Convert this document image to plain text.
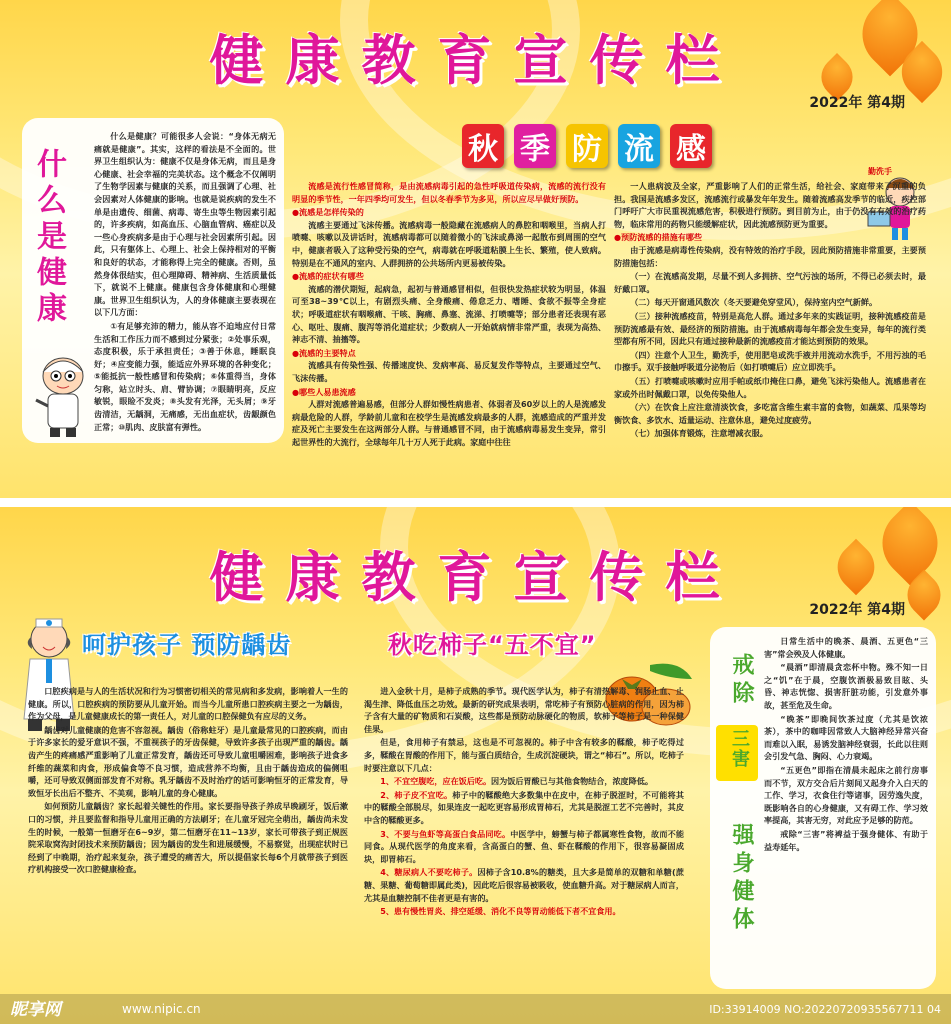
健康教育宣传栏
2022年 第4期
什么是健康

什么是健康？可能很多人会说：“身体无病无痛就是健康”。其实，这样的看法是不全面的。世界卫生组织认为：健康不仅是身体无病，而且是身心健康、社会幸福的完美状态。这个概念不仅阐明了生物学因素与健康的关系，而且强调了心理、社会因素对人体健康的影响。也就是说疾病的发生不单是由遗传、细菌、病毒、寄生虫等生物因素引起的，许多疾病，如高血压、心脑血管病、癌症以及一些心身疾病多是由于心理与社会因素所引起。因此，只有躯体上、心理上、社会上保持相对的平衡和良好的状态，才能称得上完全的健康。否则，虽然身体很结实，但心理障碍、精神病、生活质量低下，就说不上健康。健康包含身体健康和心理健康。世界卫生组织认为，人的身体健康主要表现在以下几方面：

①有足够充沛的精力，能从容不迫地应付日常生活和工作压力而不感到过分紧张；②处事乐观，态度积极，乐于承担责任；③善于休息，睡眠良好；④应变能力强，能适应外界环境的各种变化；⑤能抵抗一般性感冒和传染病；⑥体重得当，身体匀称，站立时头、肩、臂协调；⑦眼睛明亮，反应敏锐，眼睑不发炎；⑧头发有光泽，无头屑；⑨牙齿清洁，无龋洞，无痛感，无出血症状，齿龈颜色正常；⑩肌肉、皮肤富有弹性。

秋 季 防 流 感

流感是流行性感冒简称，是由流感病毒引起的急性呼吸道传染病，流感的流行没有明显的季节性，一年四季均可发生，但以冬春季节为多见，所以应尽早做好预防。

●流感是怎样传染的

流感主要通过飞沫传播。流感病毒一般隐藏在流感病人的鼻腔和咽喉里，当病人打喷嚏、咳嗽以及讲话时，流感病毒都可以随着微小的飞沫或鼻涕一起散布到周围的空气中，健康者吸入了这种受污染的空气，病毒就在呼吸道粘膜上生长、繁殖，使人致病。特别是在不通风的室内、人群拥挤的公共场所内更易被传染。

●流感的症状有哪些

流感的潜伏期短，起病急，起初与普通感冒相似，但很快发热症状较为明显，体温可至38~39℃以上，有剧烈头痛、全身酸痛、倦怠乏力、嗜睡、食欲不振等全身症状；呼吸道症状有咽喉痛、干咳、胸痛、鼻塞、流涕、打喷嚏等；部分患者还表现有恶心、呕吐、腹痛、腹泻等消化道症状；少数病人一开始就病情非常严重，表现为高热、神志不清、抽搐等。

●流感的主要特点

流感具有传染性强、传播速度快、发病率高、易反复发作等特点，主要通过空气、飞沫传播。

●哪些人易患流感

人群对流感普遍易感，但部分人群如慢性病患者、体弱者及60岁以上的人是流感发病最危险的人群，学龄前儿童和在校学生是流感发病最多的人群，流感造成的严重并发症及死亡主要发生在这两部分人群。与普通感冒不同，由于流感病毒易发生变异，常引起世界性的大流行，全球每年几十万人死于此病。家庭中往往

勤洗手

一人患病波及全家，严重影响了人们的正常生活，给社会、家庭带来了沉重的负担。我国是流感多发区，流感流行或暴发年年发生。随着流感高发季节的临近，疾控部门呼吁广大市民重视流感危害，积极进行预防。到目前为止，由于仍没有有效的治疗药物，临床常用的药物只能缓解症状，因此流感预防更为重要。

●预防流感的措施有哪些

由于流感是病毒性传染病，没有特效的治疗手段，因此预防措施非常重要，主要预防措施包括：

（一）在流感高发期，尽量不到人多拥挤、空气污浊的场所，不得已必须去时，最好戴口罩。

（二）每天开窗通风数次（冬天要避免穿堂风），保持室内空气新鲜。

（三）接种流感疫苗，特别是高危人群。通过多年来的实践证明，接种流感疫苗是预防流感最有效、最经济的预防措施。由于流感病毒每年都会发生变异，每年的流行类型都有所不同，因此只有通过接种最新的流感疫苗才能达到预防的效果。

（四）注意个人卫生，勤洗手，使用肥皂或洗手液并用流动水洗手，不用污浊的毛巾擦手。双手接触呼吸道分泌物后（如打喷嚏后）应立即洗手。

（五）打喷嚏或咳嗽时应用手帕或纸巾掩住口鼻，避免飞沫污染他人。流感患者在家或外出时佩戴口罩，以免传染他人。

（六）在饮食上应注意清淡饮食，多吃富含维生素丰富的食物，如蔬菜、瓜果等均衡饮食、多饮水、适量运动、注意休息，避免过度疲劳。

（七）加强体育锻炼，注意增减衣服。

健康教育宣传栏
2022年 第4期
呵护孩子 预防龋齿

口腔疾病是与人的生活状况和行为习惯密切相关的常见病和多发病，影响着人一生的健康。所以，口腔疾病的预防要从儿童开始。而当今儿童所患口腔疾病主要之一为龋齿，作为父母，是儿童健康成长的第一责任人，对儿童的口腔保健负有应尽的义务。

龋齿对儿童健康的危害不容忽视。龋齿（俗称蛀牙）是儿童最常见的口腔疾病，而由于许多家长的爱牙意识不强，不重视孩子的牙齿保健，导致许多孩子出现严重的龋齿。龋齿产生的疼痛感严重影响了儿童正常发育，龋齿还可导致儿童咀嚼困难，影响孩子进食多纤维的蔬菜和肉食，形成偏食等不良习惯，造成营养不均衡，且由于龋齿造成的偏侧咀嚼，还可导致双侧面部发育不对称。乳牙龋齿不及时治疗的话可影响恒牙的正常发育，导致恒牙长出后不整齐、不美观，影响儿童的身心健康。

如何预防儿童龋齿？家长起着关键性的作用。家长要指导孩子养成早晚刷牙，饭后漱口的习惯，并且要监督和指导儿童用正确的方法刷牙；在儿童牙冠完全萌出，龋齿尚未发生的时候，一般第一恒磨牙在6~9岁，第二恒磨牙在11~13岁，家长可带孩子到正规医院采取窝沟封闭技术来预防龋齿；因为龋齿的发生和进展缓慢，不易察觉，出现症状时已经到了中晚期，治疗起来复杂，孩子遭受的痛苦大，所以提倡家长每6个月就带孩子到医疗机构接受一次口腔健康检查。

秋吃柿子“五不宜”

进入金秋十月，是柿子成熟的季节。现代医学认为，柿子有清热解毒、润肠止血、止渴生津、降低血压之功效。最新的研究成果表明，常吃柿子有预防心脏病的作用，因为柿子含有大量的矿物质和石炭酸，这些都是预防动脉硬化的物质，软柿子等柿子是一种保健佳果。

但是，食用柿子有禁忌，这也是不可忽视的。柿子中含有较多的鞣酸，柿子吃得过多，鞣酸在胃酸的作用下，能与蛋白质结合，生成沉淀硬块，谓之“柿石”。所以，吃柿子时要注意以下几点：

1、不宜空腹吃，应在饭后吃。因为饭后胃酸已与其他食物结合，浓度降低。

2、柿子皮不宜吃。柿子中的鞣酸绝大多数集中在皮中，在柿子脱涩时，不可能将其中的鞣酸全部脱尽，如果连皮一起吃更容易形成胃柿石，尤其是脱涩工艺不完善时，其皮中含的鞣酸更多。

3、不要与鱼虾等高蛋白食品同吃。中医学中，螃蟹与柿子都属寒性食物，故而不能同食。从现代医学的角度来看，含高蛋白的蟹、鱼、虾在鞣酸的作用下，很容易凝固成块，即胃柿石。

4、糖尿病人不要吃柿子。因柿子含10.8%的糖类，且大多是简单的双糖和单糖(蔗糖、果糖、葡萄糖即属此类)，因此吃后很容易被吸收，使血糖升高。对于糖尿病人而言，尤其是血糖控制不佳者更是有害的。

5、患有慢性胃炎、排空延缓、消化不良等胃动能低下者不宜食用。

戒除
三害
强身健体

日常生活中的晚茶、晨酒、五更色“三害”常会殃及人体健康。

“晨酒”即清晨贪恋杯中物。殊不知一日之“饥”在于晨，空腹饮酒极易致目眩、头昏、神志恍惚、损害肝脏功能，引发意外事故，甚至危及生命。

“晚茶”即晚间饮茶过度（尤其是饮浓茶），茶中的咖啡因常致人大脑神经异常兴奋而难以入眠，易诱发脑神经衰弱，长此以往则会引发气急、胸闷、心力衰竭。

“五更色”即指在清晨未起床之前行房事而不节，双方交合后片刻间又起身介入白天的工作、学习，衣食住行等诸事，因劳逸失度，既影响各自的心身健康，又有碍工作、学习效率提高，其害无穷，对此应予足够的防范。

戒除“三害”将裨益于强身健体、有助于益寿延年。

昵享网	www.nipic.cn	ID:33914009 NO:20220720935567711 04
